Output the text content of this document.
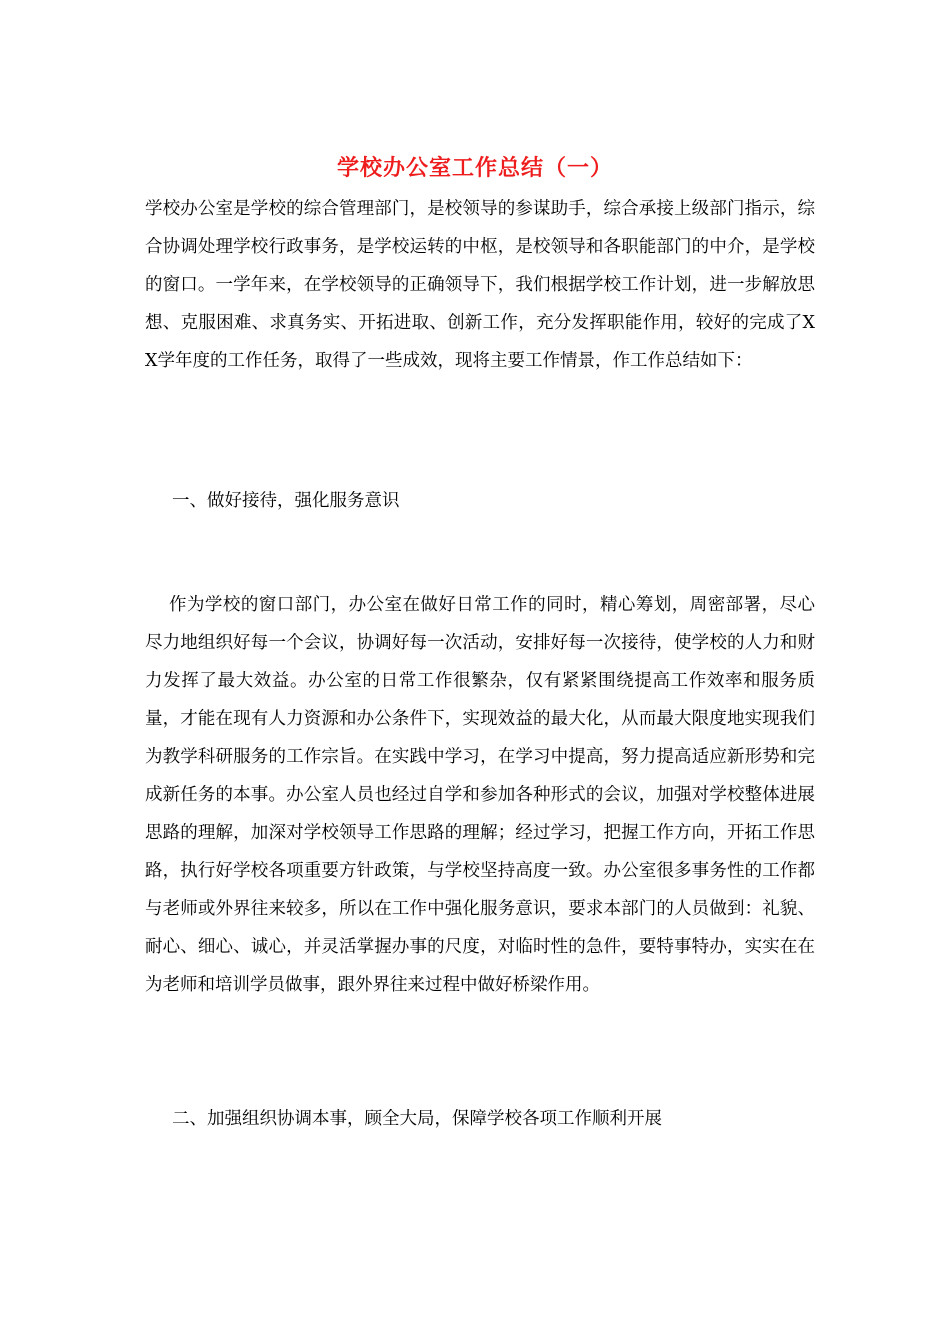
学校办公室工作总结（一）
学校办公室是学校的综合管理部门，是校领导的参谋助手，综合承接上级部门指示，综合协调处理学校行政事务，是学校运转的中枢，是校领导和各职能部门的中介，是学校的窗口。一学年来，在学校领导的正确领导下，我们根据学校工作计划，进一步解放思想、克服困难、求真务实、开拓进取、创新工作，充分发挥职能作用，较好的完成了XX学年度的工作任务，取得了一些成效，现将主要工作情景，作工作总结如下：
一、做好接待，强化服务意识
作为学校的窗口部门，办公室在做好日常工作的同时，精心筹划，周密部署，尽心尽力地组织好每一个会议，协调好每一次活动，安排好每一次接待，使学校的人力和财力发挥了最大效益。办公室的日常工作很繁杂，仅有紧紧围绕提高工作效率和服务质量，才能在现有人力资源和办公条件下，实现效益的最大化，从而最大限度地实现我们为教学科研服务的工作宗旨。在实践中学习，在学习中提高，努力提高适应新形势和完成新任务的本事。办公室人员也经过自学和参加各种形式的会议，加强对学校整体进展思路的理解，加深对学校领导工作思路的理解；经过学习，把握工作方向，开拓工作思路，执行好学校各项重要方针政策，与学校坚持高度一致。办公室很多事务性的工作都与老师或外界往来较多，所以在工作中强化服务意识，要求本部门的人员做到：礼貌、耐心、细心、诚心，并灵活掌握办事的尺度，对临时性的急件，要特事特办，实实在在为老师和培训学员做事，跟外界往来过程中做好桥梁作用。
二、加强组织协调本事，顾全大局，保障学校各项工作顺利开展
